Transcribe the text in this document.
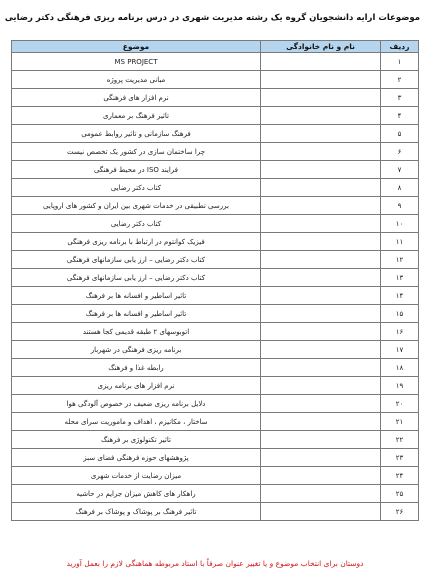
موضوعات ارایه دانشجویان گروه یک رشته مدیریت شهری در درس برنامه ریزی فرهنگی دکتر رضایی
ردیف	نام و نام خانوادگی	موضوع
۱		MS PROJECT
۲		مبانی مدیریت پروژه
۳		نرم افزار های فرهنگی
۴		تاثیر فرهنگ بر معماری
۵		فرهنگ سازمانی و تاثیر روابط عمومی
۶		چرا ساختمان سازی در کشور یک تخصص نیست
۷		فرایند ISO در محیط فرهنگی
۸		کتاب دکتر رضایی
۹		بررسی تطبیقی در خدمات شهری بین ایران و کشور های اروپایی
۱۰		کتاب دکتر رضایی
۱۱		فیزیک کوانتوم در ارتباط با برنامه ریزی فرهنگی
۱۲		کتاب دکتر رضایی – ارز یابی سازمانهای فرهنگی
۱۳		کتاب دکتر رضایی – ارز یابی سازمانهای فرهنگی
۱۴		تاثیر اساطیر و افسانه ها بر فرهنگ
۱۵		تاثیر اساطیر و افسانه ها بر فرهنگ
۱۶		اتوبوسهای ۲ طبقه قدیمی کجا هستند
۱۷		برنامه ریزی فرهنگی در شهربار
۱۸		رابطه غذا و فرهنگ
۱۹		نرم افزار های برنامه ریزی
۲۰		دلایل برنامه ریزی ضعیف در خصوص آلودگی هوا
۲۱		ساختار ، مکانیزم ، اهداف و ماموریت سرای محله
۲۲		تاثیر تکنولوژی بر فرهنگ
۲۳		پژوهشهای حوزه فرهنگی فضای سبز
۲۴		میزان رضایت از خدمات شهری
۲۵		راهکار های کاهش میزان جرایم در حاشیه
۲۶		تاثیر فرهنگ بر پوشاک و پوشاک بر فرهنگ
دوستان برای انتخاب موضوع و یا تغییر عنوان صرفاً با استاد مربوطه هماهنگی لازم را بعمل آورید
